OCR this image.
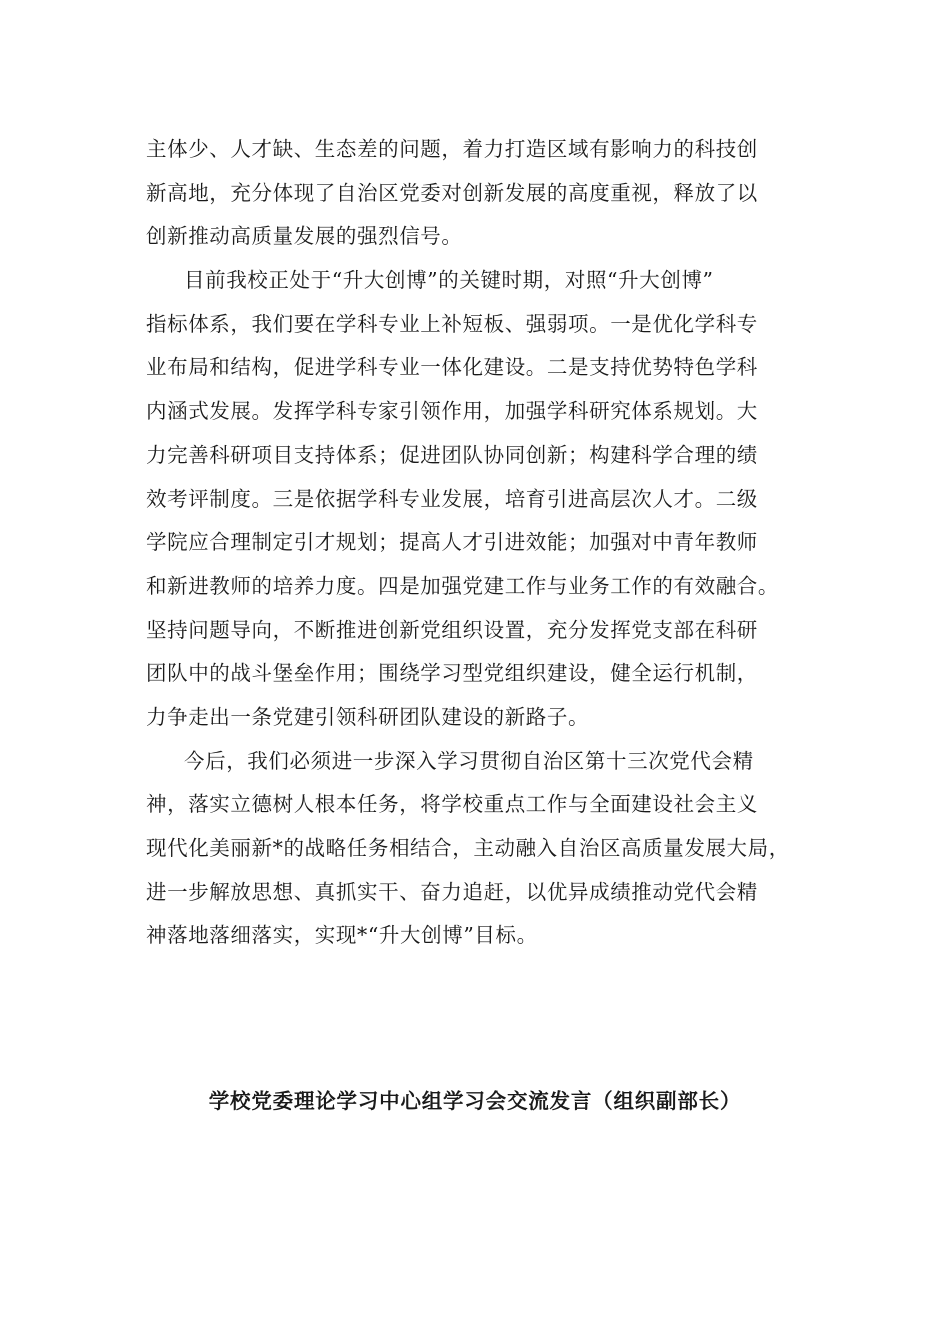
主体少、人才缺、生态差的问题，着力打造区域有影响力的科技创
新高地，充分体现了自治区党委对创新发展的高度重视，释放了以
创新推动高质量发展的强烈信号。
目前我校正处于“升大创博”的关键时期，对照“升大创博”
指标体系，我们要在学科专业上补短板、强弱项。一是优化学科专
业布局和结构，促进学科专业一体化建设。二是支持优势特色学科
内涵式发展。发挥学科专家引领作用，加强学科研究体系规划。大
力完善科研项目支持体系；促进团队协同创新；构建科学合理的绩
效考评制度。三是依据学科专业发展，培育引进高层次人才。二级
学院应合理制定引才规划；提高人才引进效能；加强对中青年教师
和新进教师的培养力度。四是加强党建工作与业务工作的有效融合。
坚持问题导向，不断推进创新党组织设置，充分发挥党支部在科研
团队中的战斗堡垒作用；围绕学习型党组织建设，健全运行机制，
力争走出一条党建引领科研团队建设的新路子。
今后，我们必须进一步深入学习贯彻自治区第十三次党代会精
神，落实立德树人根本任务，将学校重点工作与全面建设社会主义
现代化美丽新*的战略任务相结合，主动融入自治区高质量发展大局，
进一步解放思想、真抓实干、奋力追赶，以优异成绩推动党代会精
神落地落细落实，实现*“升大创博”目标。
学校党委理论学习中心组学习会交流发言（组织副部长）
